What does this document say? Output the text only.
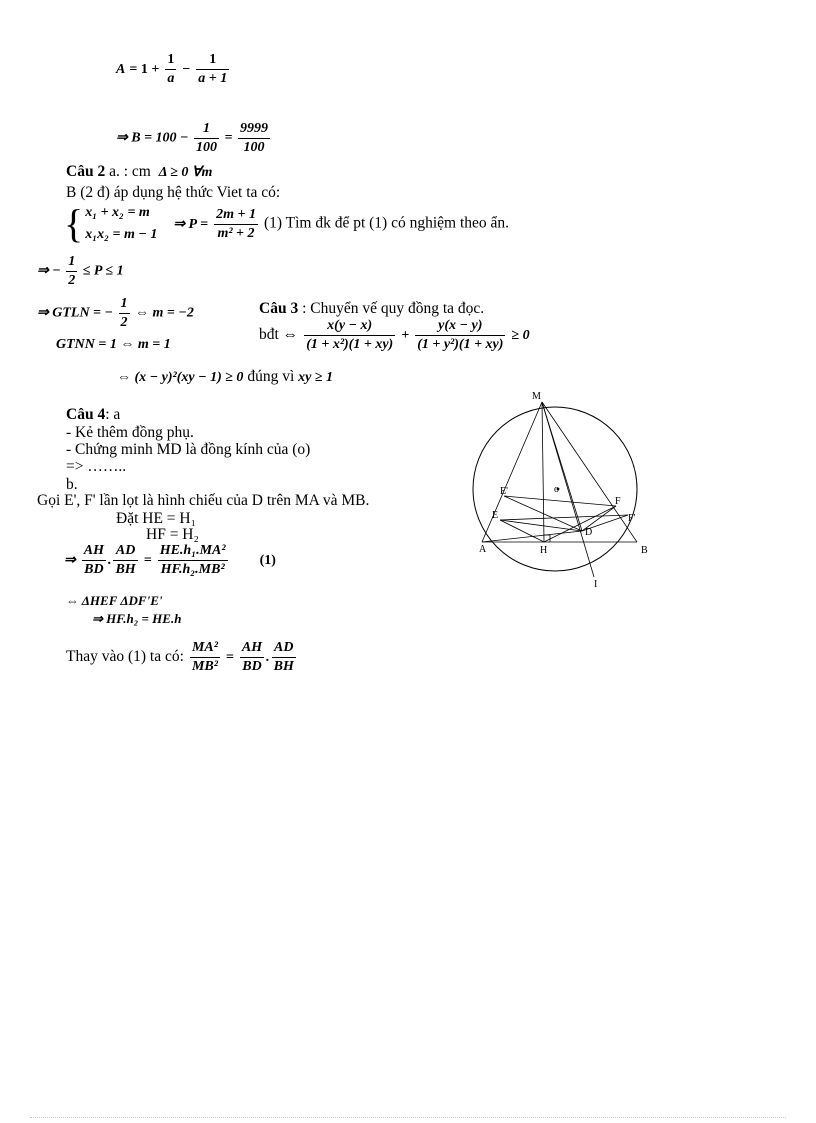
$A = 1 + \frac{1}{a} - \frac{1}{a + 1}$
⇒ $B = 100 - \frac{1}{100} = \frac{9999}{100}$
Câu 2 a. : cm Δ ≥ 0 ∀m
B (2 đ) áp dụng hệ thức Viet ta có:
{ x₁ + x₂ = m
x₁x₂ = m − 1
⇒ $P = \frac{2m + 1}{\text{m² + 2}} (1)$ Tìm đk để pt (1) có nghiệm theo ẩn.
⇒ − $\frac{1}{2} \le P \le 1$
⇒ GTLN = − $\frac{1}{2}$ ⇔ m = −2
GTNN = 1 ⇔ m = 1
Câu 3 : Chuyển vế quy đồng ta đọc.
bđt ⇔ $\frac{x(y - x)}{\text{(1 + x²)(1 + xy)}} + \frac{y(x - y)}{\text{(1 + y²)(1 + xy)}} \ge 0$
⇔ (x − y)²(xy − 1) ≥ 0 đúng vì xy ≥ 1
Câu 4: a
- Kẻ thêm đồng phụ.
- Chứng minh MD là đồng kính của (o)
=> ……..
b.
Gọi E', F' lần lọt là hình chiếu của D trên MA và MB.
Đặt HE = H₁
HF = H₂
⇒ $\frac{AH}{BD}$ . $\frac{AD}{BH} = \frac{\text{HE.h₁.MA²}}{\text{HF.h₂.MB²}} (1)$
⇔ ΔHEF ΔDF'E'
⇒ HF.h₂ = HE.h
Thay vào (1) ta có: $\frac{\text{MA²}}{\text{MB²}} = \frac{AH}{BD}$ . $\frac{AD}{BH}$
M
E'	o
F
E	F'
D
A	H	B
I
